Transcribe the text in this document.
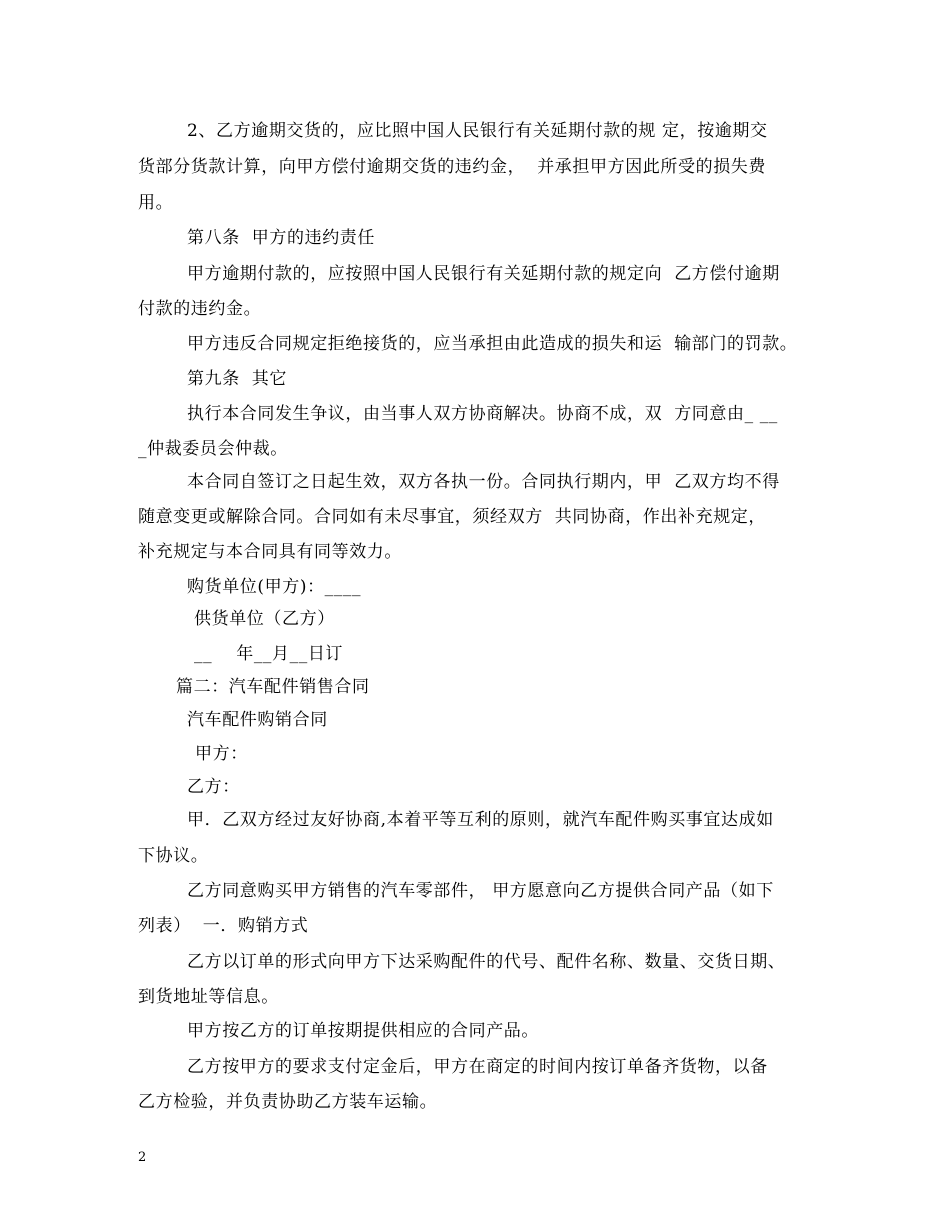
2、乙方逾期交货的，应比照中国人民银行有关延期付款的规 定，按逾期交
货部分货款计算，向甲方偿付逾期交货的违约金，  并承担甲方因此所受的损失费
用。
第八条  甲方的违约责任
甲方逾期付款的，应按照中国人民银行有关延期付款的规定向  乙方偿付逾期
付款的违约金。
甲方违反合同规定拒绝接货的，应当承担由此造成的损失和运  输部门的罚款。
第九条  其它
执行本合同发生争议，由当事人双方协商解决。协商不成，双  方同意由_ __
_仲裁委员会仲裁。
本合同自签订之日起生效，双方各执一份。合同执行期内，甲  乙双方均不得
随意变更或解除合同。合同如有未尽事宜，须经双方  共同协商，作出补充规定，
补充规定与本合同具有同等效力。
购货单位(甲方)：____
供货单位（乙方）
__    年__月__日订
篇二：汽车配件销售合同
汽车配件购销合同
甲方：
乙方：
甲．乙双方经过友好协商,本着平等互利的原则，就汽车配件购买事宜达成如
下协议。
乙方同意购买甲方销售的汽车零部件， 甲方愿意向乙方提供合同产品（如下
列表）  一．购销方式
乙方以订单的形式向甲方下达采购配件的代号、配件名称、数量、交货日期、
到货地址等信息。
甲方按乙方的订单按期提供相应的合同产品。
乙方按甲方的要求支付定金后，甲方在商定的时间内按订单备齐货物，以备
乙方检验，并负责协助乙方装车运输。
2
